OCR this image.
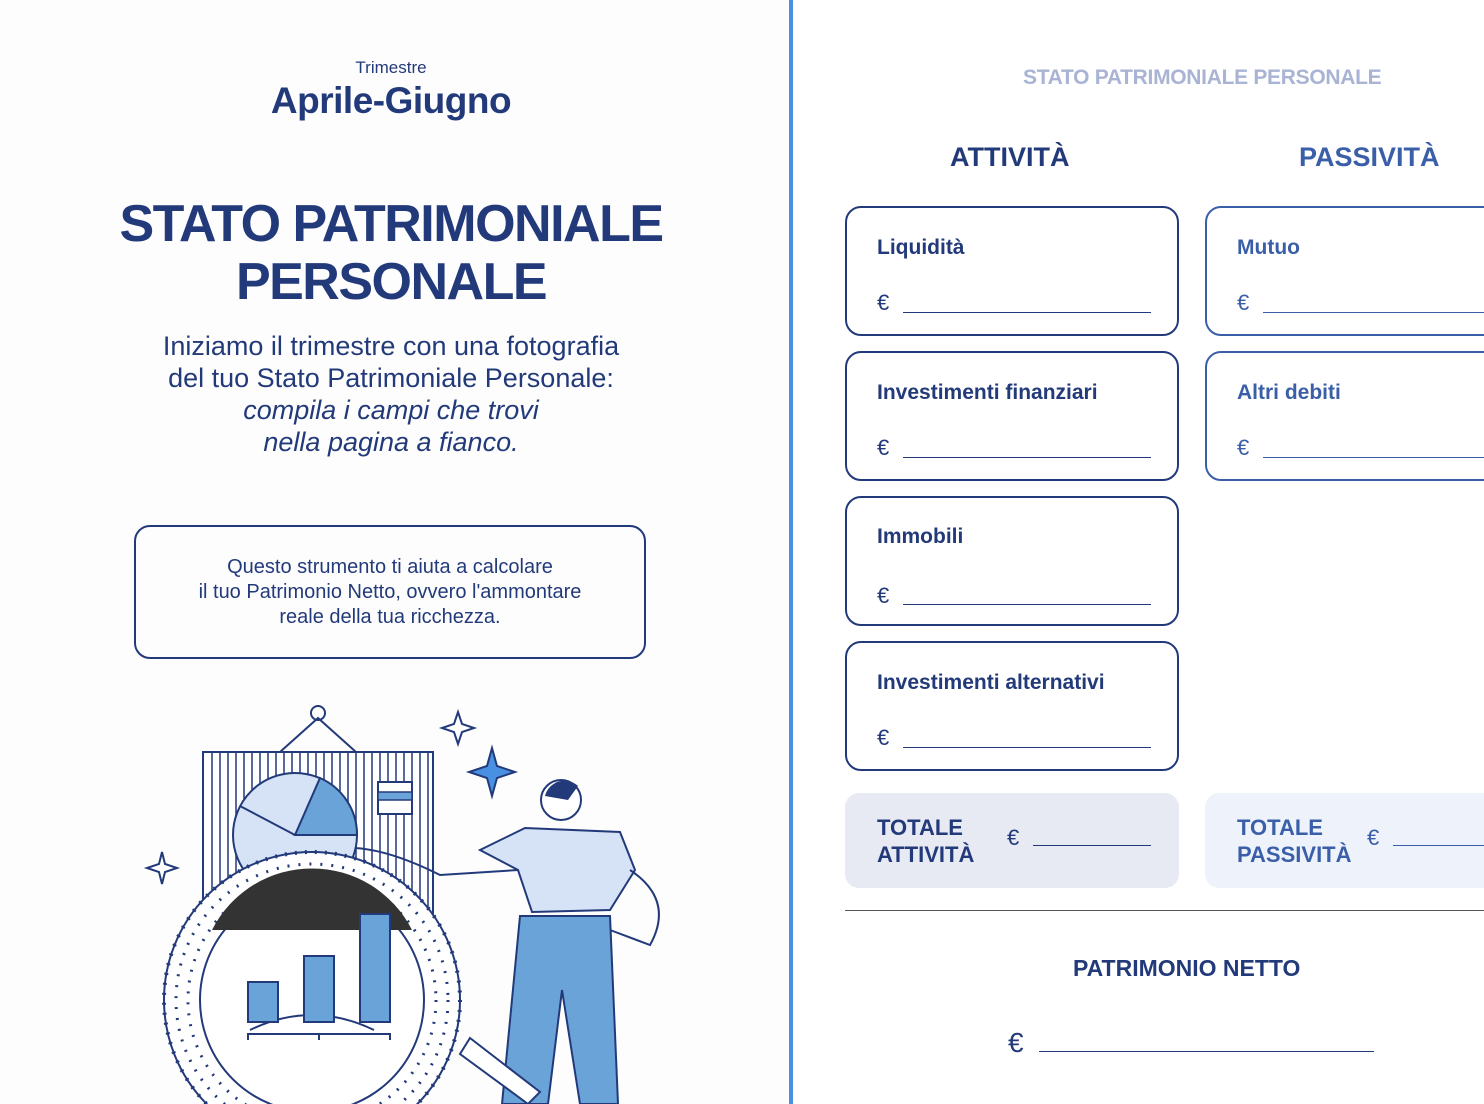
Trimestre
Aprile-Giugno
STATO PATRIMONIALE
PERSONALE
Iniziamo il trimestre con una fotografia
del tuo Stato Patrimoniale Personale:
compila i campi che trovi
nella pagina a fianco.
Questo strumento ti aiuta a calcolare
il tuo Patrimonio Netto, ovvero l'ammontare
reale della tua ricchezza.
STATO PATRIMONIALE PERSONALE
ATTIVITÀ	PASSIVITÀ
Liquidità
€
Investimenti finanziari
€
Immobili
€
Investimenti alternativi
€
Mutuo
€
Altri debiti
€
TOTALE
ATTIVITÀ
€	TOTALE
PASSIVITÀ
€
PATRIMONIO NETTO
€
